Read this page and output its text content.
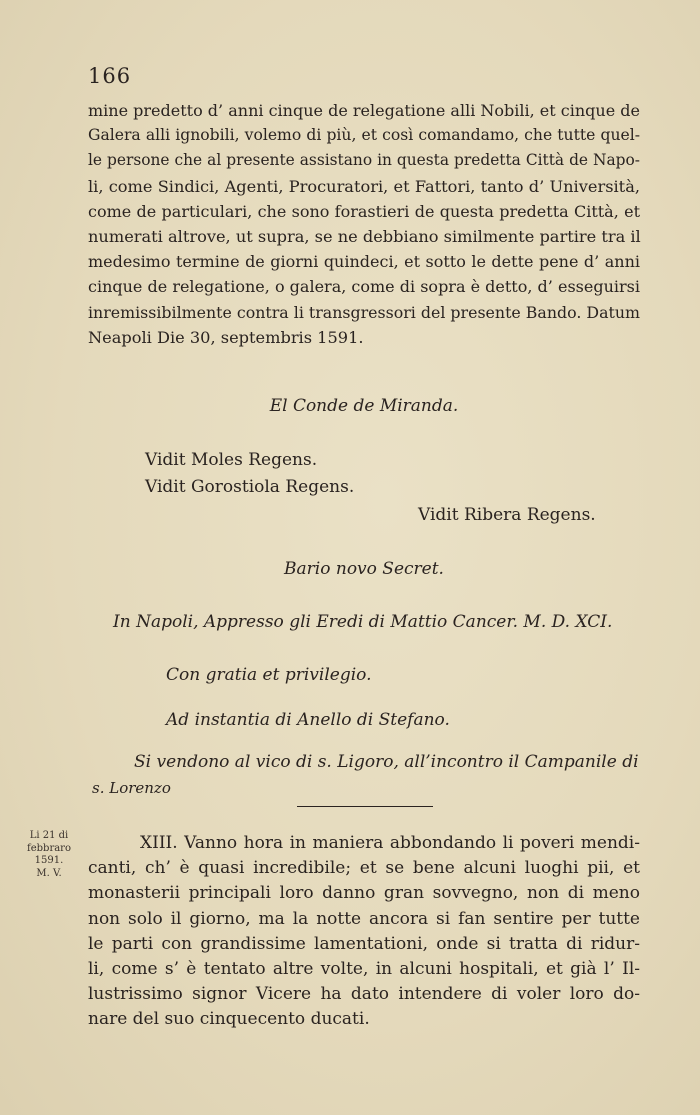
166
mine predetto d’ anni cinque de relegatione alli Nobili, et cinque de
Galera alli ignobili, volemo di più, et così comandamo, che tutte quel-
le persone che al presente assistano in questa predetta Città de Napo-
li, come Sindici, Agenti, Procuratori, et Fattori, tanto d’ Università,
come de particulari, che sono forastieri de questa predetta Città, et
numerati altrove, ut supra, se ne debbiano similmente partire tra il
medesimo termine de giorni quindeci, et sotto le dette pene d’ anni
cinque de relegatione, o galera, come di sopra è detto, d’ esseguirsi
inremissibilmente contra li transgressori del presente Bando. Datum
Neapoli Die 30, septembris 1591.
El Conde de Miranda.
Vidit Moles Regens.
Vidit Gorostiola Regens.
Vidit Ribera Regens.
Bario novo Secret.
In Napoli, Appresso gli Eredi di Mattio Cancer. M. D. XCI.
Con gratia et privilegio.
Ad instantia di Anello di Stefano.
Si vendono al vico di s. Ligoro, all’incontro il Campanile di
s. Lorenzo
Li 21 di
febbraro
1591.
M. V.
XIII. Vanno hora in maniera abbondando li poveri mendi-
canti, ch’ è quasi incredibile; et se bene alcuni luoghi pii, et
monasterii principali loro danno gran sovvegno, non di meno
non solo il giorno, ma la notte ancora si fan sentire per tutte
le parti con grandissime lamentationi, onde si tratta di ridur-
li, come s’ è tentato altre volte, in alcuni hospitali, et già l’ Il-
lustrissimo signor Vicere ha dato intendere di voler loro do-
nare del suo cinquecento ducati.
